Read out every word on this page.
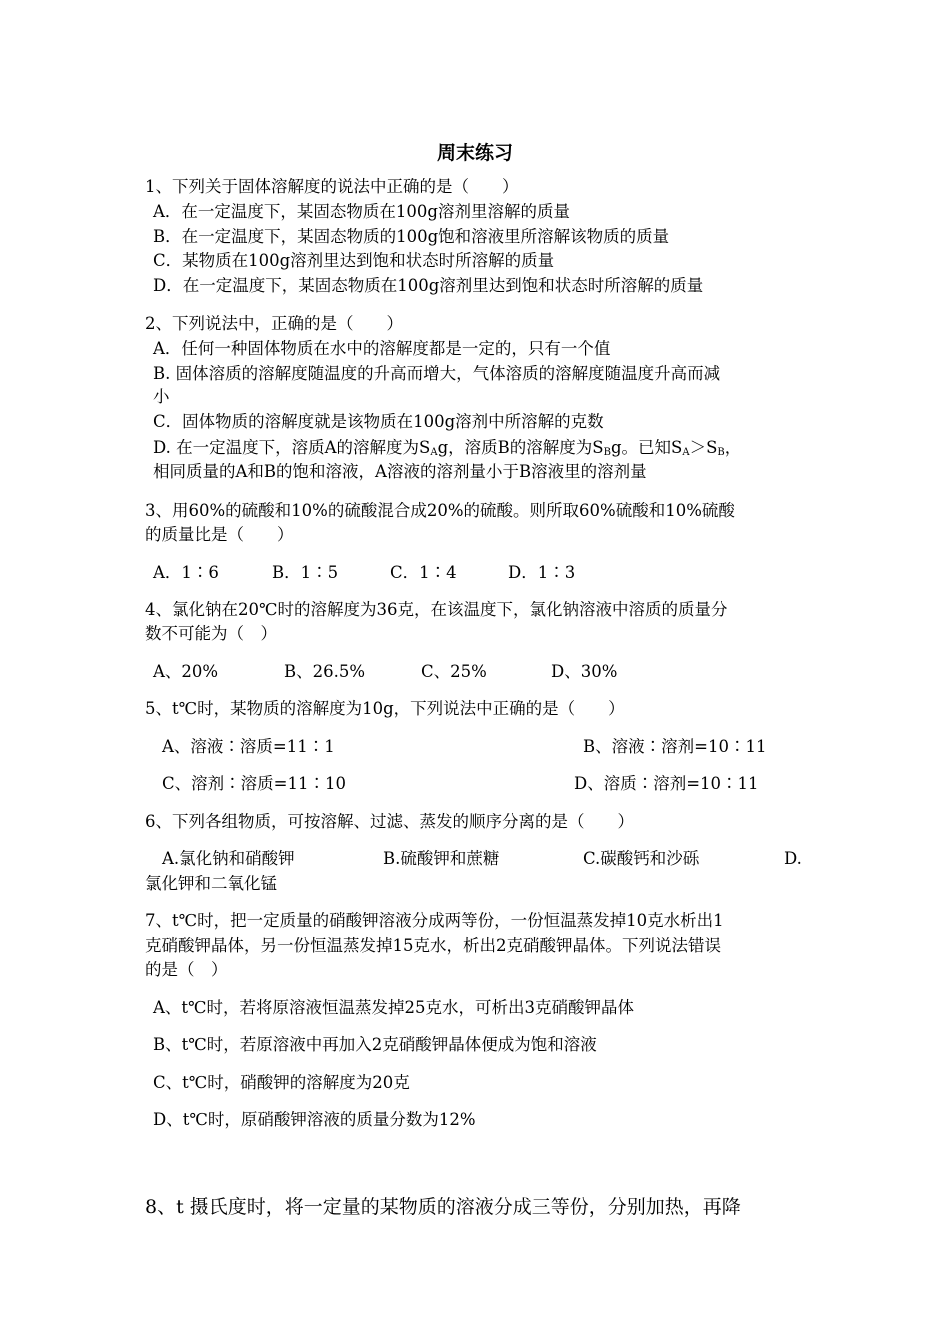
周末练习
1、下列关于固体溶解度的说法中正确的是（　　）
A．在一定温度下，某固态物质在100g溶剂里溶解的质量
B．在一定温度下，某固态物质的100g饱和溶液里所溶解该物质的质量
C．某物质在100g溶剂里达到饱和状态时所溶解的质量
D．在一定温度下，某固态物质在100g溶剂里达到饱和状态时所溶解的质量
2、下列说法中，正确的是（　　）
A．任何一种固体物质在水中的溶解度都是一定的，只有一个值
B. 固体溶质的溶解度随温度的升高而增大，气体溶质的溶解度随温度升高而减
小
C．固体物质的溶解度就是该物质在100g溶剂中所溶解的克数
D. 在一定温度下，溶质A的溶解度为$S_Ag$，溶质B的溶解度为$S_Bg$。已知$S_A>S_B$，
相同质量的A和B的饱和溶液，A溶液的溶剂量小于B溶液里的溶剂量
3、用60%的硫酸和10%的硫酸混合成20%的硫酸。则所取60%硫酸和10%硫酸
的质量比是（　　）
A．1∶6	B．1∶5	C．1∶4	D．1∶3
4、氯化钠在20℃时的溶解度为36克，在该温度下，氯化钠溶液中溶质的质量分
数不可能为（　）
A、20%	B、26.5%	C、25%	D、30%
5、t℃时，某物质的溶解度为10g，下列说法中正确的是（　　）
A、溶液∶溶质=11∶1	B、溶液∶溶剂=10∶11
C、溶剂∶溶质=11∶10	D、溶质∶溶剂=10∶11
6、下列各组物质，可按溶解、过滤、蒸发的顺序分离的是（　　）
A.氯化钠和硝酸钾	B.硫酸钾和蔗糖	C.碳酸钙和沙砾	D.
氯化钾和二氧化锰
7、t℃时，把一定质量的硝酸钾溶液分成两等份，一份恒温蒸发掉10克水析出1
克硝酸钾晶体，另一份恒温蒸发掉15克水，析出2克硝酸钾晶体。下列说法错误
的是（　）
A、t℃时，若将原溶液恒温蒸发掉25克水，可析出3克硝酸钾晶体
B、t℃时，若原溶液中再加入2克硝酸钾晶体便成为饱和溶液
C、t℃时，硝酸钾的溶解度为20克
D、t℃时，原硝酸钾溶液的质量分数为12%
8、t 摄氏度时，将一定量的某物质的溶液分成三等份，分别加热，再降
